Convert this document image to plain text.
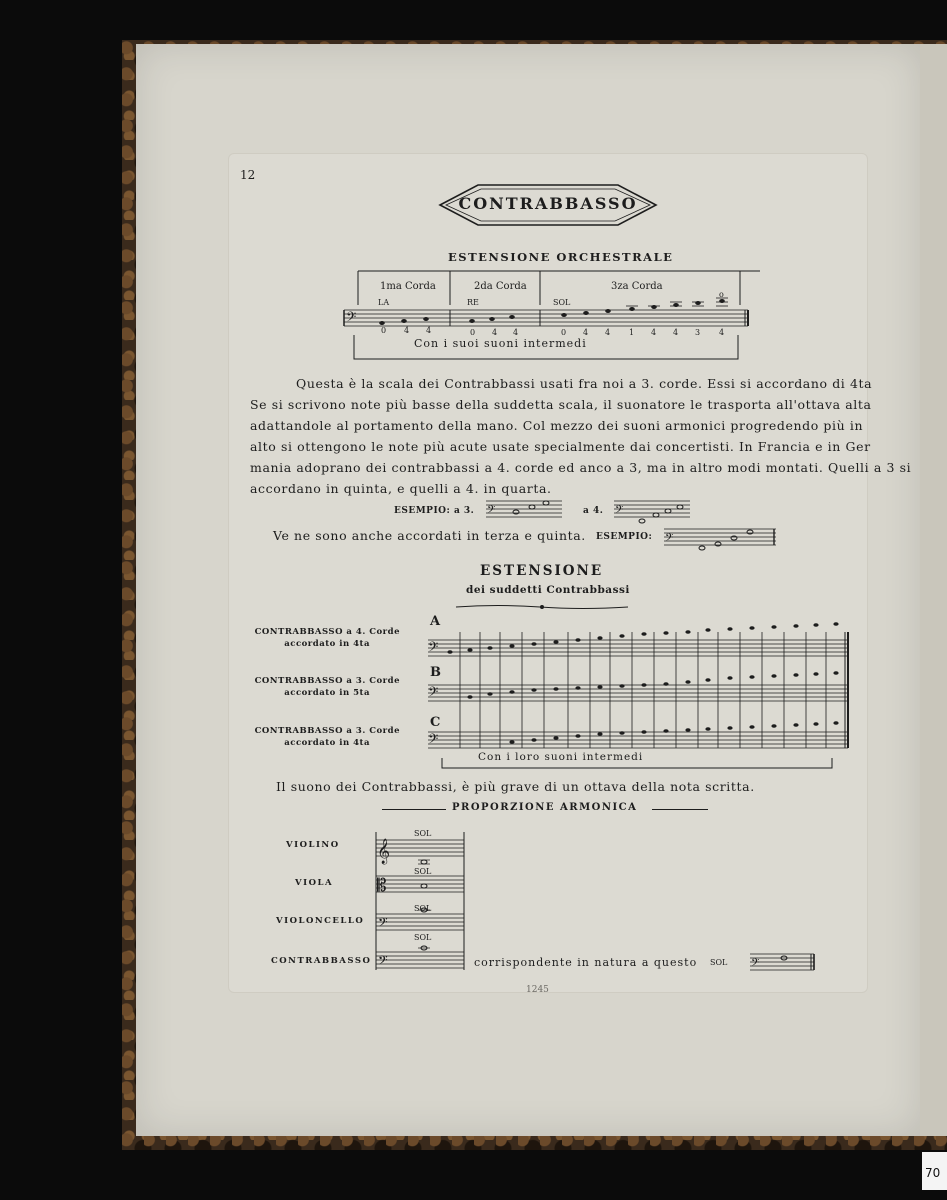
12
CONTRABBASSO
ESTENSIONE ORCHESTRALE
𝄢
o
1ma Corda	2da Corda	3za Corda
LA	RE	SOL
0 4 4	0 4 4	0 4 4 1 4 4 3 4
Con i suoi suoni intermedi
Questa è la scala dei Contrabbassi usati fra noi a 3. corde. Essi si accordano di 4ta
Se si scrivono note più basse della suddetta scala, il suonatore le trasporta all'ottava alta
adattandole al portamento della mano. Col mezzo dei suoni armonici progredendo più in
alto si ottengono le note più acute usate specialmente dai concertisti. In Francia e in Ger
mania adoprano dei contrabbassi a 4. corde ed anco a 3, ma in altro modi montati. Quelli a 3 si
accordano in quinta, e quelli a 4. in quarta.
ESEMPIO: a 3. 𝄢	a 4. 𝄢
Ve ne sono anche accordati in terza e quinta. ESEMPIO: 𝄢
ESTENSIONE
dei suddetti Contrabbassi
CONTRABBASSO a 4. Corde
accordato in 4ta
CONTRABBASSO a 3. Corde
accordato in 5ta
CONTRABBASSO a 3. Corde
accordato in 4ta
A
B
C
𝄢
𝄢
𝄢
Con i loro suoni intermedi
Il suono dei Contrabbassi, è più grave di un ottava della nota scritta.
PROPORZIONE ARMONICA
VIOLINO
VIOLA
VIOLONCELLO
CONTRABBASSO
𝄞
𝄡
𝄢
𝄢
SOL
SOL
SOL
SOL
corrispondente in natura a questo SOL 𝄢
1245
70
